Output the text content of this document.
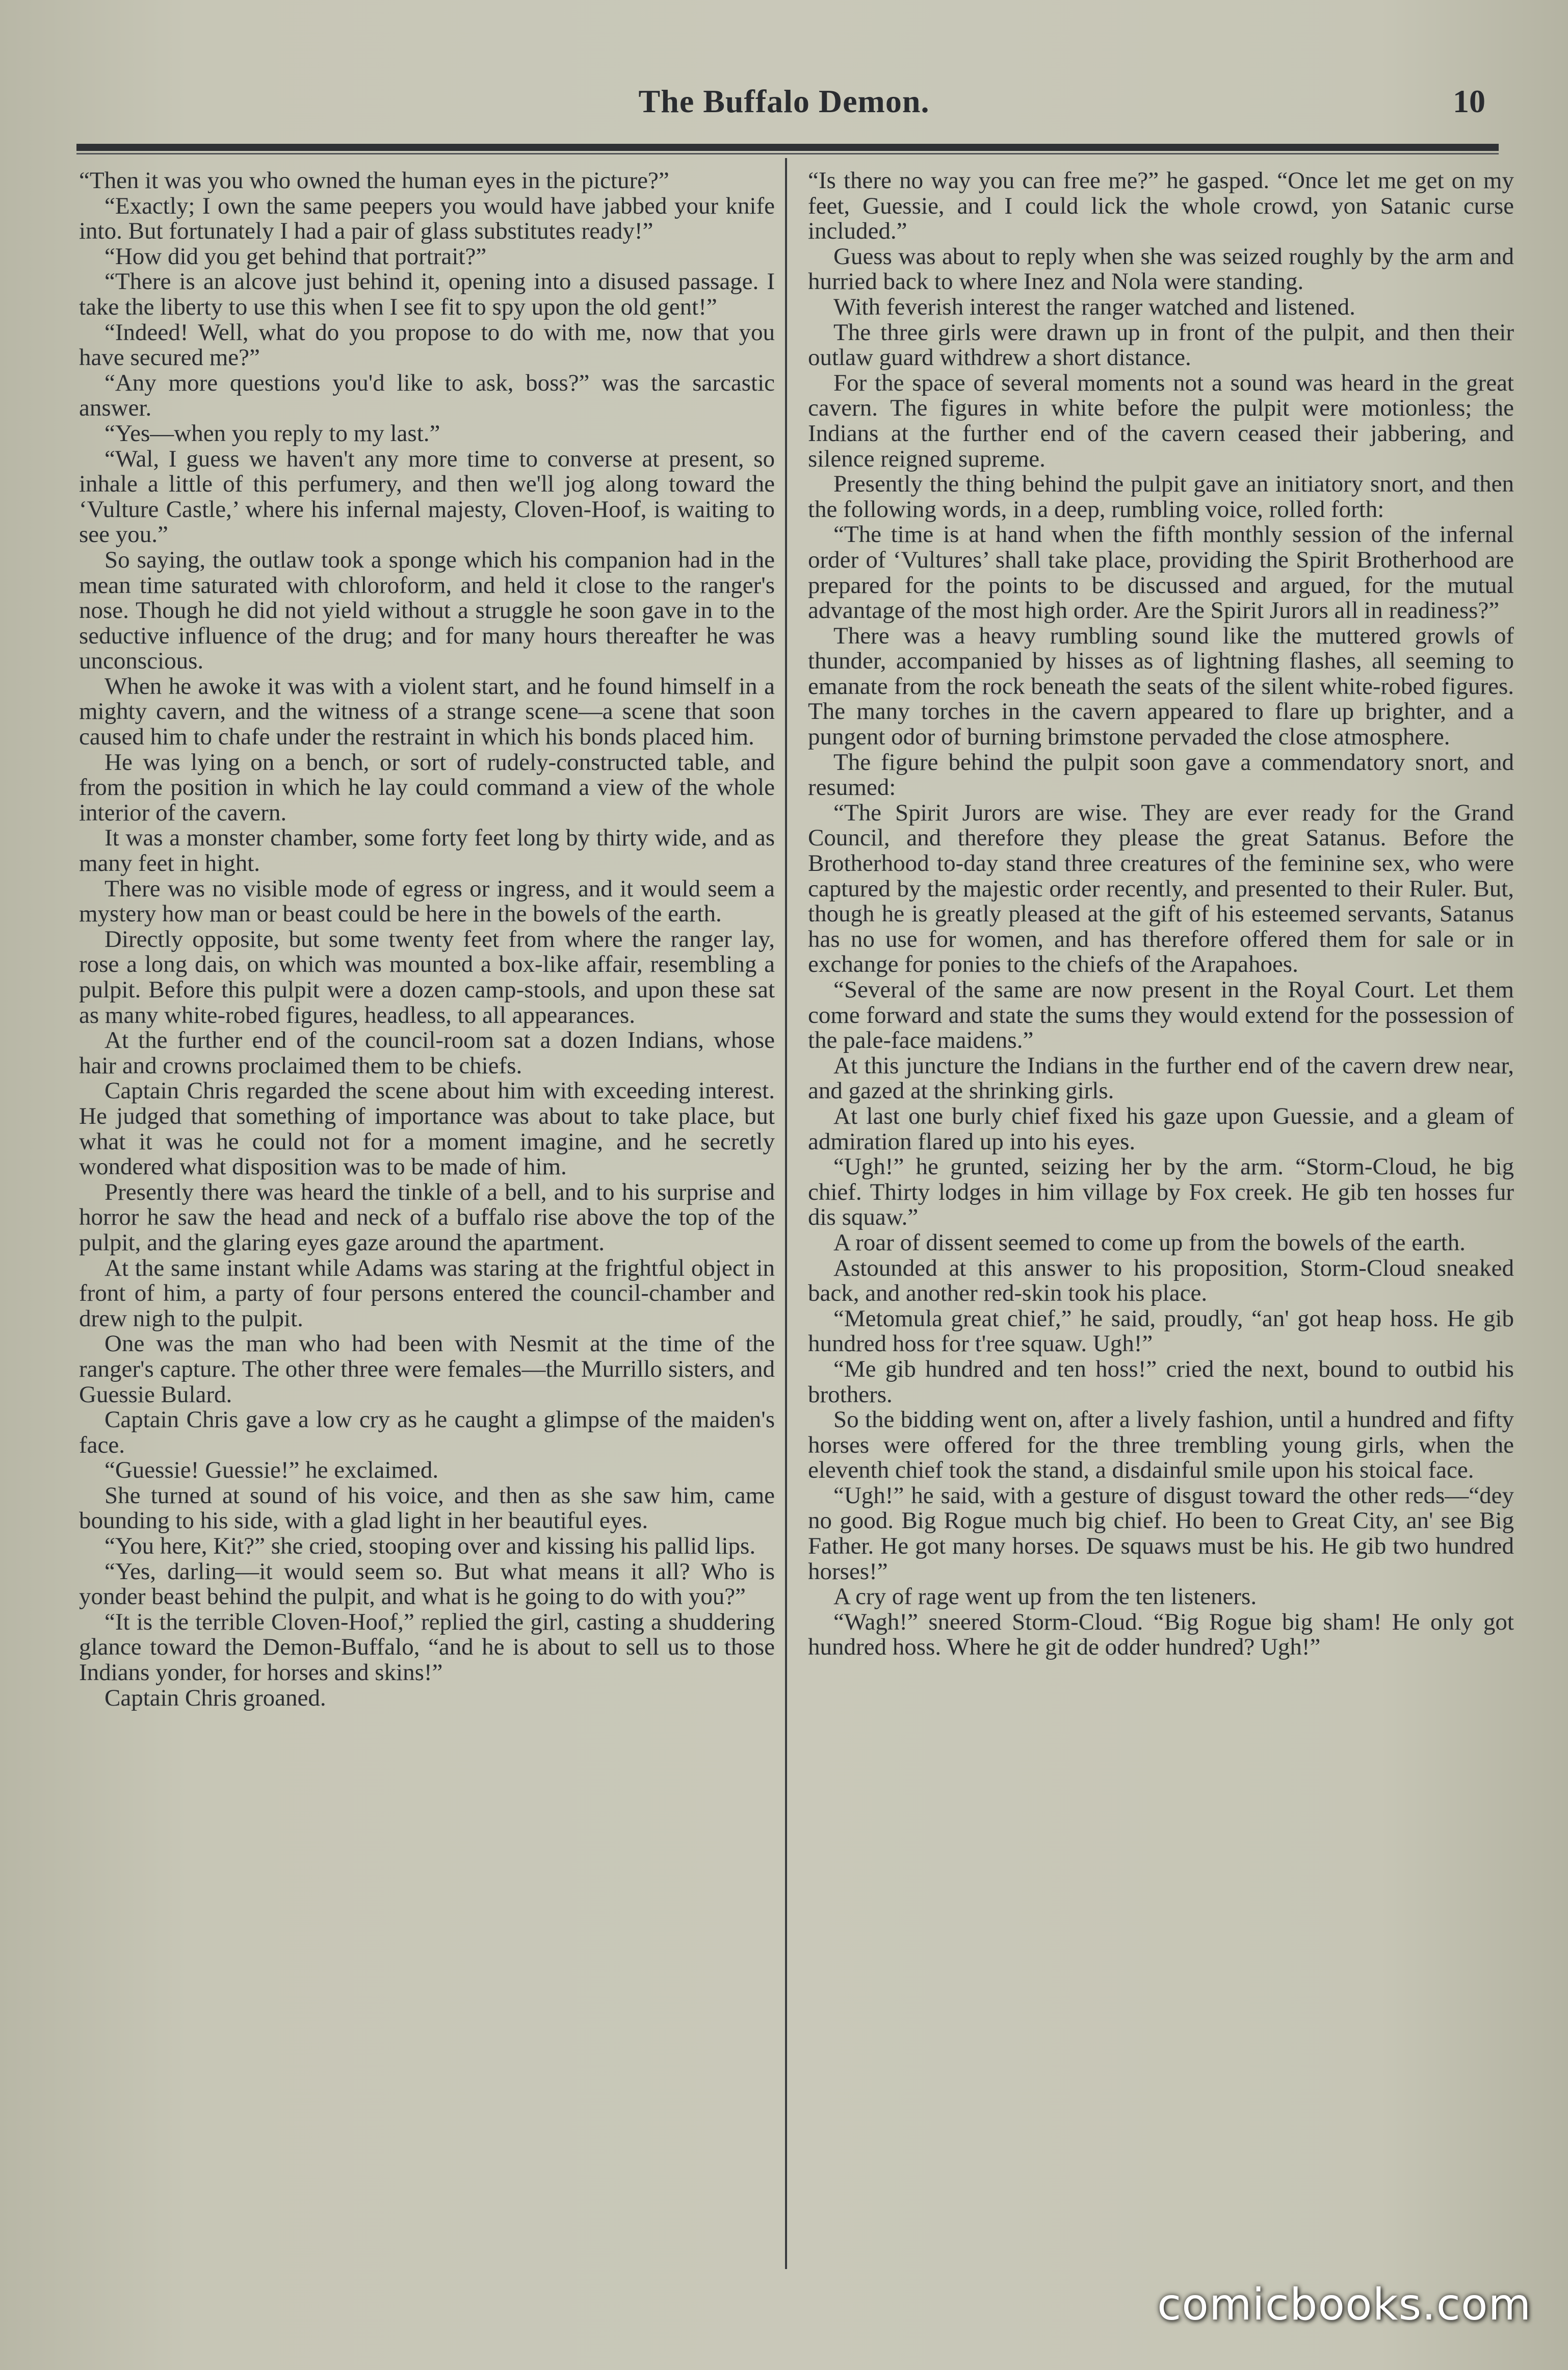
The Buffalo Demon.	10

“Then it was you who owned the human eyes in the picture?”

“Exactly; I own the same peepers you would have jabbed your knife into. But fortunately I had a pair of glass substitutes ready!”

“How did you get behind that portrait?”

“There is an alcove just behind it, opening into a disused passage. I take the liberty to use this when I see fit to spy upon the old gent!”

“Indeed! Well, what do you propose to do with me, now that you have secured me?”

“Any more questions you'd like to ask, boss?” was the sarcastic answer.

“Yes—when you reply to my last.”

“Wal, I guess we haven't any more time to converse at present, so inhale a little of this perfumery, and then we'll jog along toward the ‘Vulture Castle,’ where his infernal majesty, Cloven-Hoof, is waiting to see you.”

So saying, the outlaw took a sponge which his companion had in the mean time saturated with chloroform, and held it close to the ranger's nose. Though he did not yield without a struggle he soon gave in to the seductive influence of the drug; and for many hours thereafter he was unconscious.

When he awoke it was with a violent start, and he found himself in a mighty cavern, and the witness of a strange scene—a scene that soon caused him to chafe under the restraint in which his bonds placed him.

He was lying on a bench, or sort of rudely-constructed table, and from the position in which he lay could command a view of the whole interior of the cavern.

It was a monster chamber, some forty feet long by thirty wide, and as many feet in hight.

There was no visible mode of egress or ingress, and it would seem a mystery how man or beast could be here in the bowels of the earth.

Directly opposite, but some twenty feet from where the ranger lay, rose a long dais, on which was mounted a box-like affair, resembling a pulpit. Before this pulpit were a dozen camp-stools, and upon these sat as many white-robed figures, headless, to all appearances.

At the further end of the council-room sat a dozen Indians, whose hair and crowns proclaimed them to be chiefs.

Captain Chris regarded the scene about him with exceeding interest. He judged that something of importance was about to take place, but what it was he could not for a moment imagine, and he secretly wondered what disposition was to be made of him.

Presently there was heard the tinkle of a bell, and to his surprise and horror he saw the head and neck of a buffalo rise above the top of the pulpit, and the glaring eyes gaze around the apartment.

At the same instant while Adams was staring at the frightful object in front of him, a party of four persons entered the council-chamber and drew nigh to the pulpit.

One was the man who had been with Nesmit at the time of the ranger's capture. The other three were females—the Murrillo sisters, and Guessie Bulard.

Captain Chris gave a low cry as he caught a glimpse of the maiden's face.

“Guessie! Guessie!” he exclaimed.

She turned at sound of his voice, and then as she saw him, came bounding to his side, with a glad light in her beautiful eyes.

“You here, Kit?” she cried, stooping over and kissing his pallid lips.

“Yes, darling—it would seem so. But what means it all? Who is yonder beast behind the pulpit, and what is he going to do with you?”

“It is the terrible Cloven-Hoof,” replied the girl, casting a shuddering glance toward the Demon-Buffalo, “and he is about to sell us to those Indians yonder, for horses and skins!”

Captain Chris groaned.

“Is there no way you can free me?” he gasped. “Once let me get on my feet, Guessie, and I could lick the whole crowd, yon Satanic curse included.”

Guess was about to reply when she was seized roughly by the arm and hurried back to where Inez and Nola were standing.

With feverish interest the ranger watched and listened.

The three girls were drawn up in front of the pulpit, and then their outlaw guard withdrew a short distance.

For the space of several moments not a sound was heard in the great cavern. The figures in white before the pulpit were motionless; the Indians at the further end of the cavern ceased their jabbering, and silence reigned supreme.

Presently the thing behind the pulpit gave an initiatory snort, and then the following words, in a deep, rumbling voice, rolled forth:

“The time is at hand when the fifth monthly session of the infernal order of ‘Vultures’ shall take place, providing the Spirit Brotherhood are prepared for the points to be discussed and argued, for the mutual advantage of the most high order. Are the Spirit Jurors all in readiness?”

There was a heavy rumbling sound like the muttered growls of thunder, accompanied by hisses as of lightning flashes, all seeming to emanate from the rock beneath the seats of the silent white-robed figures. The many torches in the cavern appeared to flare up brighter, and a pungent odor of burning brimstone pervaded the close atmosphere.

The figure behind the pulpit soon gave a commendatory snort, and resumed:

“The Spirit Jurors are wise. They are ever ready for the Grand Council, and therefore they please the great Satanus. Before the Brotherhood to-day stand three creatures of the feminine sex, who were captured by the majestic order recently, and presented to their Ruler. But, though he is greatly pleased at the gift of his esteemed servants, Satanus has no use for women, and has therefore offered them for sale or in exchange for ponies to the chiefs of the Arapahoes.

“Several of the same are now present in the Royal Court. Let them come forward and state the sums they would extend for the possession of the pale-face maidens.”

At this juncture the Indians in the further end of the cavern drew near, and gazed at the shrinking girls.

At last one burly chief fixed his gaze upon Guessie, and a gleam of admiration flared up into his eyes.

“Ugh!” he grunted, seizing her by the arm. “Storm-Cloud, he big chief. Thirty lodges in him village by Fox creek. He gib ten hosses fur dis squaw.”

A roar of dissent seemed to come up from the bowels of the earth.

Astounded at this answer to his proposition, Storm-Cloud sneaked back, and another red-skin took his place.

“Metomula great chief,” he said, proudly, “an' got heap hoss. He gib hundred hoss for t'ree squaw. Ugh!”

“Me gib hundred and ten hoss!” cried the next, bound to outbid his brothers.

So the bidding went on, after a lively fashion, until a hundred and fifty horses were offered for the three trembling young girls, when the eleventh chief took the stand, a disdainful smile upon his stoical face.

“Ugh!” he said, with a gesture of disgust toward the other reds—“dey no good. Big Rogue much big chief. Ho been to Great City, an' see Big Father. He got many horses. De squaws must be his. He gib two hundred horses!”

A cry of rage went up from the ten listeners.

“Wagh!” sneered Storm-Cloud. “Big Rogue big sham! He only got hundred hoss. Where he git de odder hundred? Ugh!”

comicbooks.com
